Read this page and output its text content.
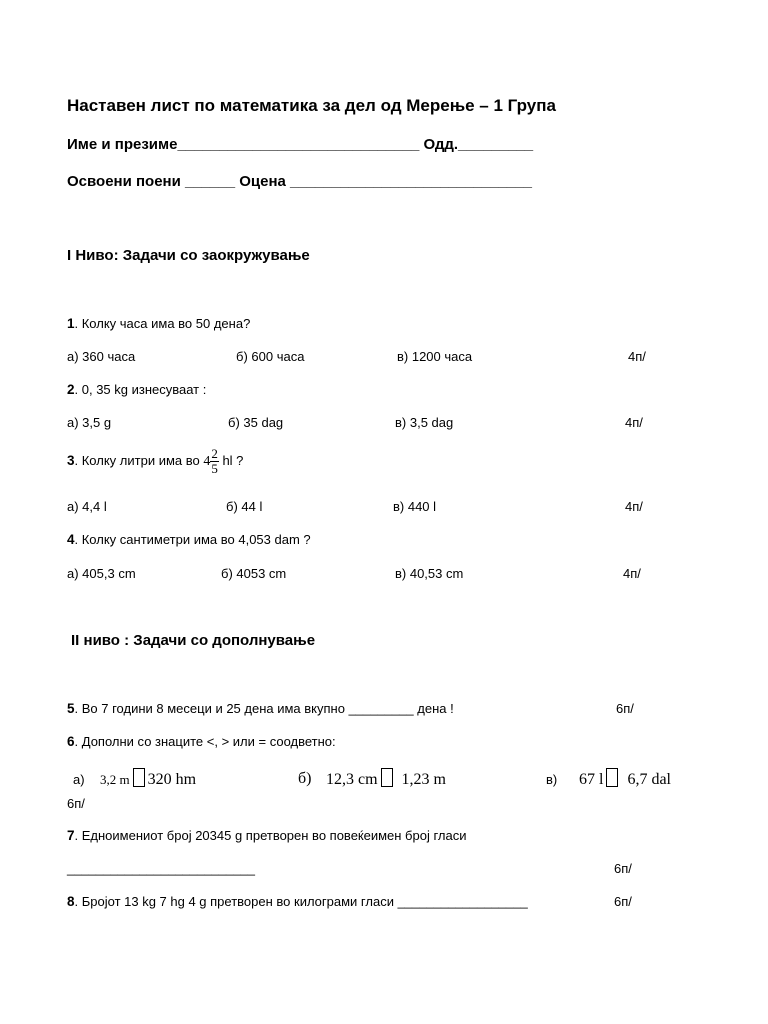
Наставен лист по математика за дел од Мерење – 1 Група
Име и презиме_____________________________ Одд._________
Освоени поени ______ Оцена _____________________________
I Ниво: Задачи со заокружување
1. Колку часа има во 50 дена?
а) 360 часа	б) 600 часа	в) 1200 часа	4п/
2. 0, 35 kg изнесуваат :
а) 3,5 g	б) 35 dag	в) 3,5 dag	4п/
3. Колку литри има во $4 \frac{2}{5}$ hl ?
а) 4,4 l	б) 44 l	в) 440 l	4п/
4. Колку сантиметри има во 4,053 dam ?
а) 405,3 cm	б) 4053 cm	в) 40,53 cm	4п/
II ниво : Задачи со дополнување
5. Во 7 години 8 месеци и 25 дена има вкупно _________ дена !	6п/
6. Дополни со знаците <, > или = соодветно:
а) 3,2 m 320 hm	б) 12,3 cm 1,23 m	в) 67 l 6,7 dal
6п/
7. Едноимениот број 20345 g претворен во повеќеимен број гласи
__________________________	6п/
8. Бројот 13 kg 7 hg 4 g претворен во килограми гласи __________________	6п/
